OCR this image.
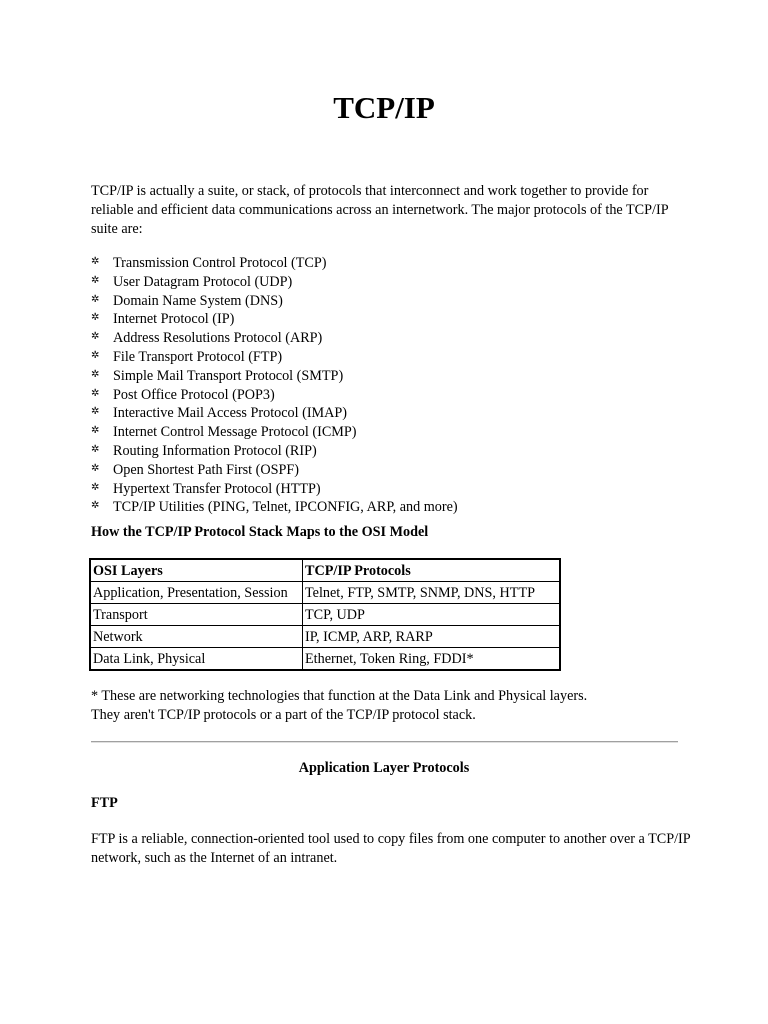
TCP/IP
TCP/IP is actually a suite, or stack, of protocols that interconnect and work together to provide for reliable and efficient data communications across an internetwork. The major protocols of the TCP/IP suite are:
✲ Transmission Control Protocol (TCP)
✲ User Datagram Protocol (UDP)
✲ Domain Name System (DNS)
✲ Internet Protocol (IP)
✲ Address Resolutions Protocol (ARP)
✲ File Transport Protocol (FTP)
✲ Simple Mail Transport Protocol (SMTP)
✲ Post Office Protocol (POP3)
✲ Interactive Mail Access Protocol (IMAP)
✲ Internet Control Message Protocol (ICMP)
✲ Routing Information Protocol (RIP)
✲ Open Shortest Path First (OSPF)
✲ Hypertext Transfer Protocol (HTTP)
✲ TCP/IP Utilities (PING, Telnet, IPCONFIG, ARP, and more)
How the TCP/IP Protocol Stack Maps to the OSI Model
OSI Layers	TCP/IP Protocols
Application, Presentation, Session	Telnet, FTP, SMTP, SNMP, DNS, HTTP
Transport	TCP, UDP
Network	IP, ICMP, ARP, RARP
Data Link, Physical	Ethernet, Token Ring, FDDI*
* These are networking technologies that function at the Data Link and Physical layers.
They aren't TCP/IP protocols or a part of the TCP/IP protocol stack.
Application Layer Protocols
FTP
FTP is a reliable, connection-oriented tool used to copy files from one computer to another over a TCP/IP network, such as the Internet of an intranet.
